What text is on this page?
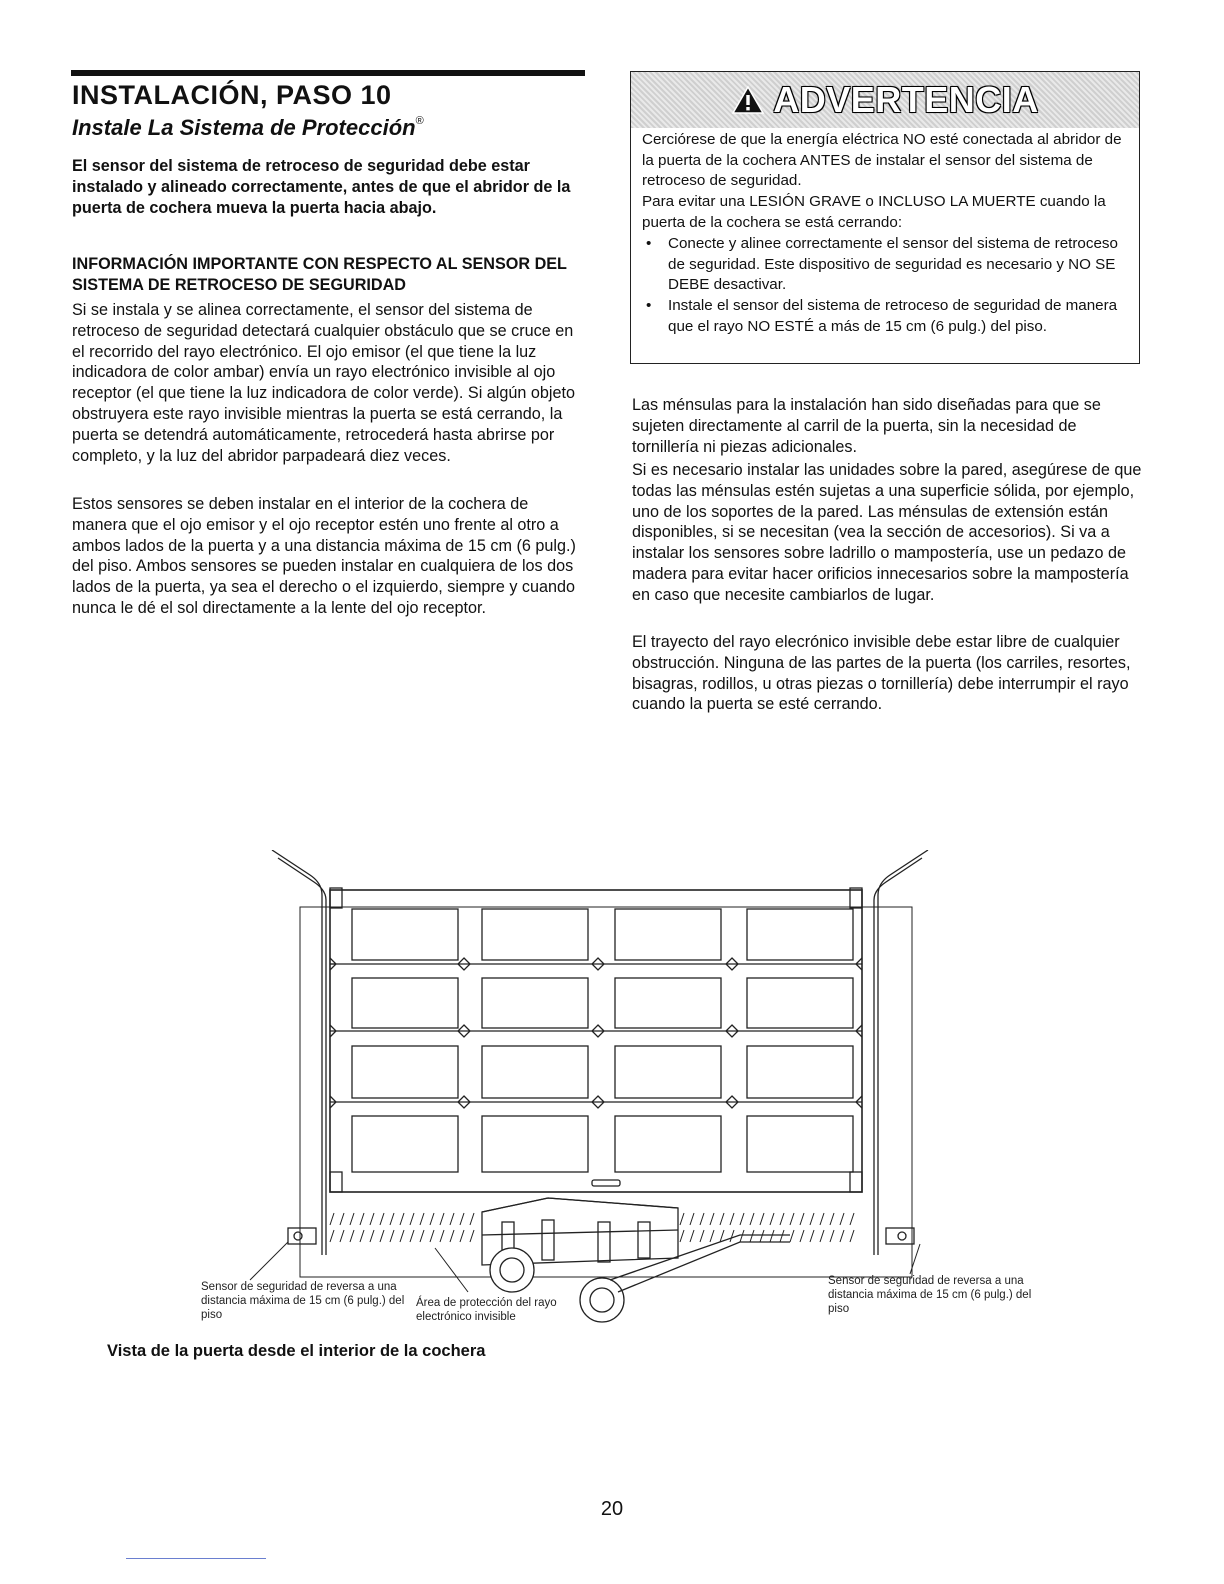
INSTALACIÓN, PASO 10
Instale La Sistema de Protección®

El sensor del sistema de retroceso de seguridad debe estar instalado y alineado correctamente, antes de que el abridor de la puerta de cochera mueva la puerta hacia abajo.

INFORMACIÓN IMPORTANTE CON RESPECTO AL SENSOR DEL SISTEMA DE RETROCESO DE SEGURIDAD

Si se instala y se alinea correctamente, el sensor del sistema de retroceso de seguridad detectará cualquier obstáculo que se cruce en el recorrido del rayo electrónico. El ojo emisor (el que tiene la luz indicadora de color ambar) envía un rayo electrónico invisible al ojo receptor (el que tiene la luz indicadora de color verde). Si algún objeto obstruyera este rayo invisible mientras la puerta se está cerrando, la puerta se detendrá automáticamente, retrocederá hasta abrirse por completo, y la luz del abridor parpadeará diez veces.

Estos sensores se deben instalar en el interior de la cochera de manera que el ojo emisor y el ojo receptor estén uno frente al otro a ambos lados de la puerta y a una distancia máxima de 15 cm (6 pulg.) del piso. Ambos sensores se pueden instalar en cualquiera de los dos lados de la puerta, ya sea el derecho o el izquierdo, siempre y cuando nunca le dé el sol directamente a la lente del ojo receptor.

ADVERTENCIA

Cerciórese de que la energía eléctrica NO esté conectada al abridor de la puerta de la cochera ANTES de instalar el sensor del sistema de retroceso de seguridad.

Para evitar una LESIÓN GRAVE o INCLUSO LA MUERTE cuando la puerta de la cochera se está cerrando:

• Conecte y alinee correctamente el sensor del sistema de retroceso de seguridad. Este dispositivo de seguridad es necesario y NO SE DEBE desactivar.

• Instale el sensor del sistema de retroceso de seguridad de manera que el rayo NO ESTÉ a más de 15 cm (6 pulg.) del piso.

Las ménsulas para la instalación han sido diseñadas para que se sujeten directamente al carril de la puerta, sin la necesidad de tornillería ni piezas adicionales.

Si es necesario instalar las unidades sobre la pared, asegúrese de que todas las ménsulas estén sujetas a una superficie sólida, por ejemplo, uno de los soportes de la pared. Las ménsulas de extensión están disponibles, si se necesitan (vea la sección de accesorios). Si va a instalar los sensores sobre ladrillo o mampostería, use un pedazo de madera para evitar hacer orificios innecesarios sobre la mampostería en caso que necesite cambiarlos de lugar.

El trayecto del rayo elecrónico invisible debe estar libre de cualquier obstrucción. Ninguna de las partes de la puerta (los carriles, resortes, bisagras, rodillos, u otras piezas o tornillería) debe interrumpir el rayo cuando la puerta se esté cerrando.

Sensor de seguridad de reversa a una distancia máxima de 15 cm (6 pulg.) del piso

Área de protección del rayo electrónico invisible

Sensor de seguridad de reversa a una distancia máxima de 15 cm (6 pulg.) del piso

Vista de la puerta desde el interior de la cochera

20
